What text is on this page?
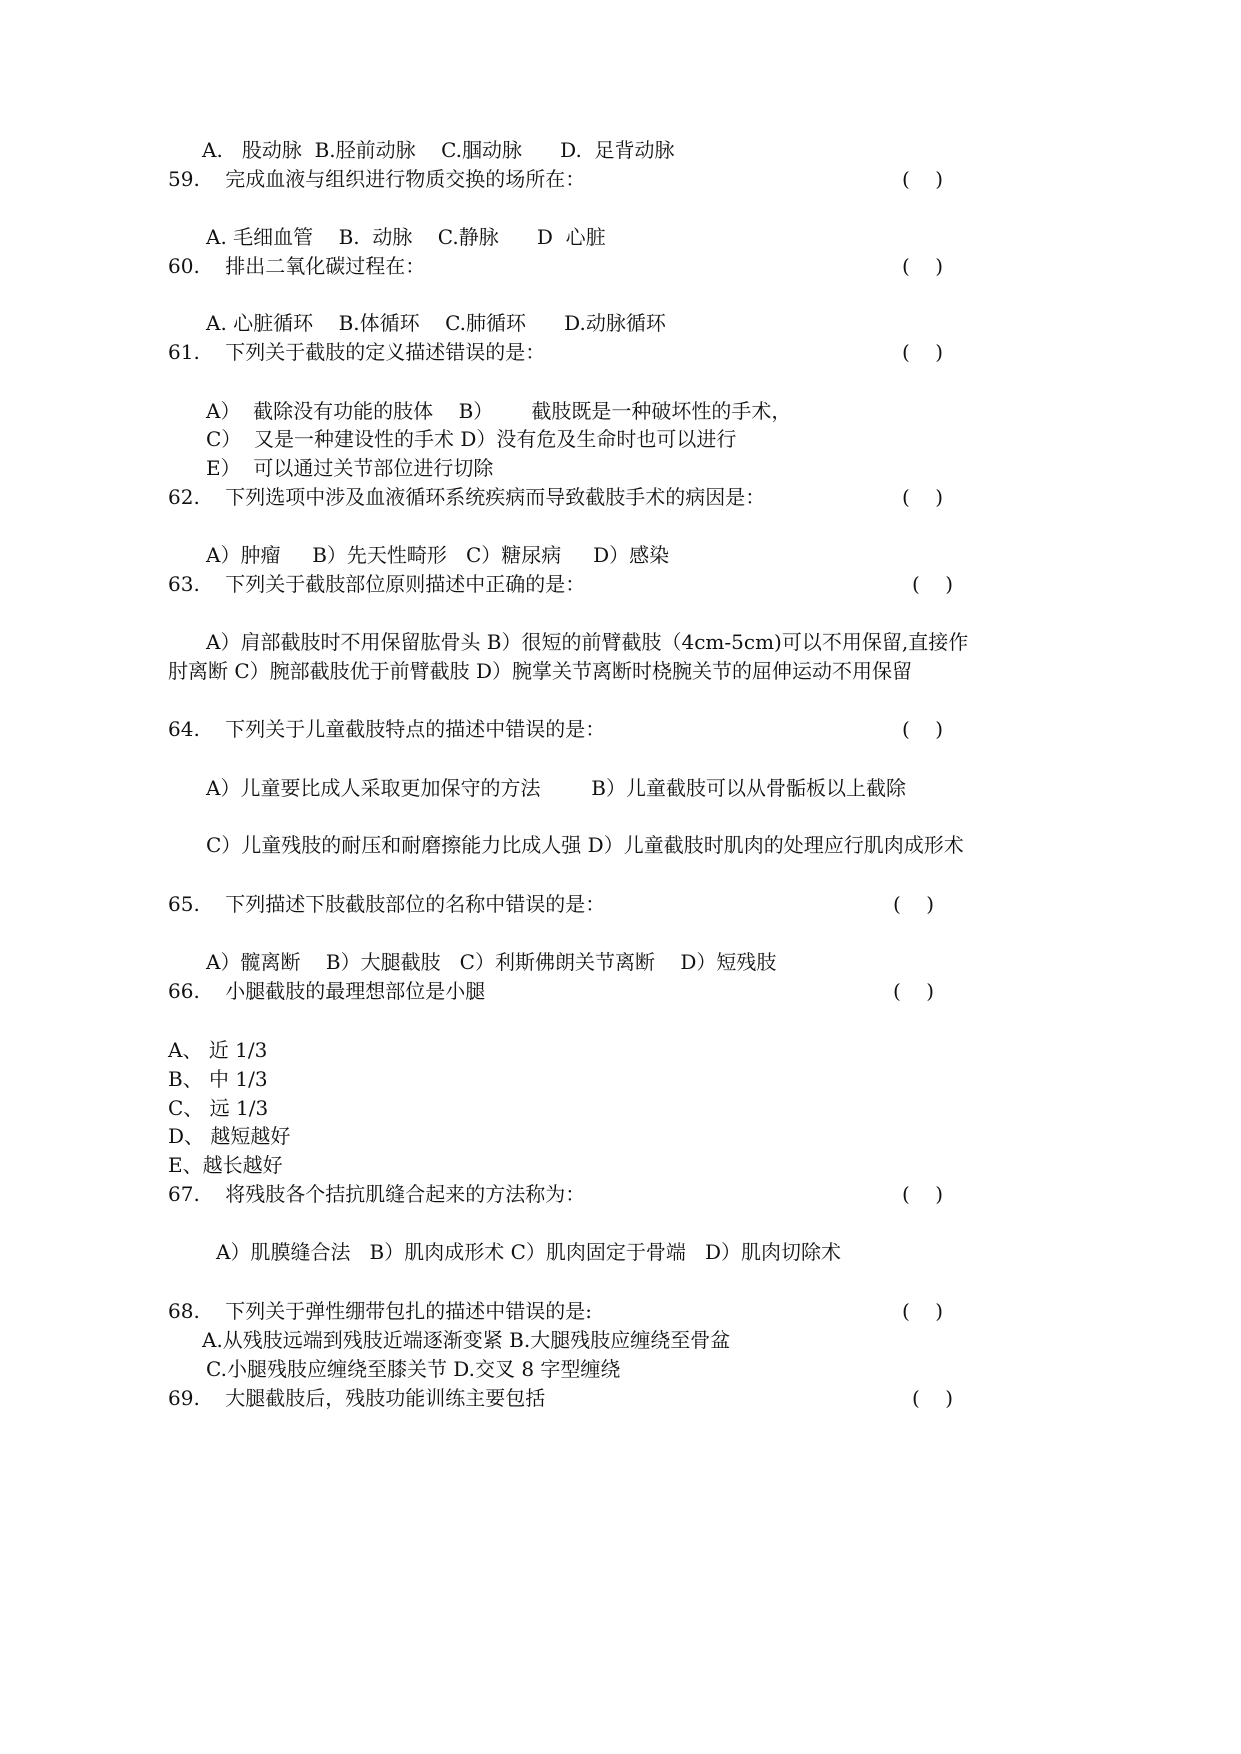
A.   股动脉  B.胫前动脉    C.腘动脉      D.  足背动脉
59.    完成血液与组织进行物质交换的场所在：	(    )
A. 毛细血管    B.  动脉    C.静脉      D  心脏
60.    排出二氧化碳过程在：	(    )
A. 心脏循环    B.体循环    C.肺循环      D.动脉循环
61.    下列关于截肢的定义描述错误的是：	(    )
A）  截除没有功能的肢体    B）      截肢既是一种破坏性的手术，
C）  又是一种建设性的手术 D）没有危及生命时也可以进行
E）  可以通过关节部位进行切除
62.    下列选项中涉及血液循环系统疾病而导致截肢手术的病因是：	(    )
A）肿瘤     B）先天性畸形   C）糖尿病     D）感染
63.    下列关于截肢部位原则描述中正确的是：	(    )
A）肩部截肢时不用保留肱骨头 B）很短的前臂截肢（4cm-5cm)可以不用保留,直接作
肘离断 C）腕部截肢优于前臂截肢 D）腕掌关节离断时桡腕关节的屈伸运动不用保留
64.    下列关于儿童截肢特点的描述中错误的是：	(    )
A）儿童要比成人采取更加保守的方法        B）儿童截肢可以从骨骺板以上截除
C）儿童残肢的耐压和耐磨擦能力比成人强 D）儿童截肢时肌肉的处理应行肌肉成形术
65.    下列描述下肢截肢部位的名称中错误的是：	(    )
A）髋离断    B）大腿截肢   C）利斯佛朗关节离断    D）短残肢
66.    小腿截肢的最理想部位是小腿	(    )
A、 近 1/3
B、 中 1/3
C、 远 1/3
D、 越短越好
E、越长越好
67.    将残肢各个拮抗肌缝合起来的方法称为：	(    )
A）肌膜缝合法   B）肌肉成形术 C）肌肉固定于骨端   D）肌肉切除术
68.    下列关于弹性绷带包扎的描述中错误的是:	(    )
A.从残肢远端到残肢近端逐渐变紧 B.大腿残肢应缠绕至骨盆
C.小腿残肢应缠绕至膝关节 D.交叉 8 字型缠绕
69.    大腿截肢后，残肢功能训练主要包括	(    )
